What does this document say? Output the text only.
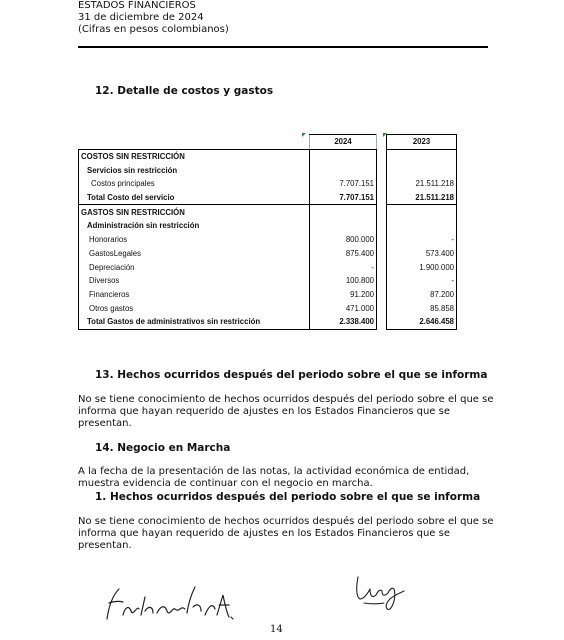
ESTADOS FINANCIEROS
31 de diciembre de 2024
(Cifras en pesos colombianos)
12. Detalle de costos y gastos
	2024		2023
COSTOS SIN RESTRICCIÓN			
Servicios sin restricción			
Costos principales	7.707.151		21.511.218
Total Costo del servicio	7.707.151		21.511.218
GASTOS SIN RESTRICCIÓN			
Administración sin restricción			
Honorarios	800.000		-
GastosLegales	875.400		573.400
Depreciación	-		1.900.000
Diversos	100.800		-
Financieros	91.200		87.200
Otros gastos	471.000		85.858
Total Gastos de administrativos sin restricción	2.338.400		2.646.458
13. Hechos ocurridos después del periodo sobre el que se informa
No se tiene conocimiento de hechos ocurridos después del periodo sobre el que se informa que hayan requerido de ajustes en los Estados Financieros que se presentan.
14. Negocio en Marcha
A la fecha de la presentación de las notas, la actividad económica de entidad, muestra evidencia de continuar con el negocio en marcha.
1. Hechos ocurridos después del periodo sobre el que se informa
No se tiene conocimiento de hechos ocurridos después del periodo sobre el que se informa que hayan requerido de ajustes en los Estados Financieros que se presentan.
14
